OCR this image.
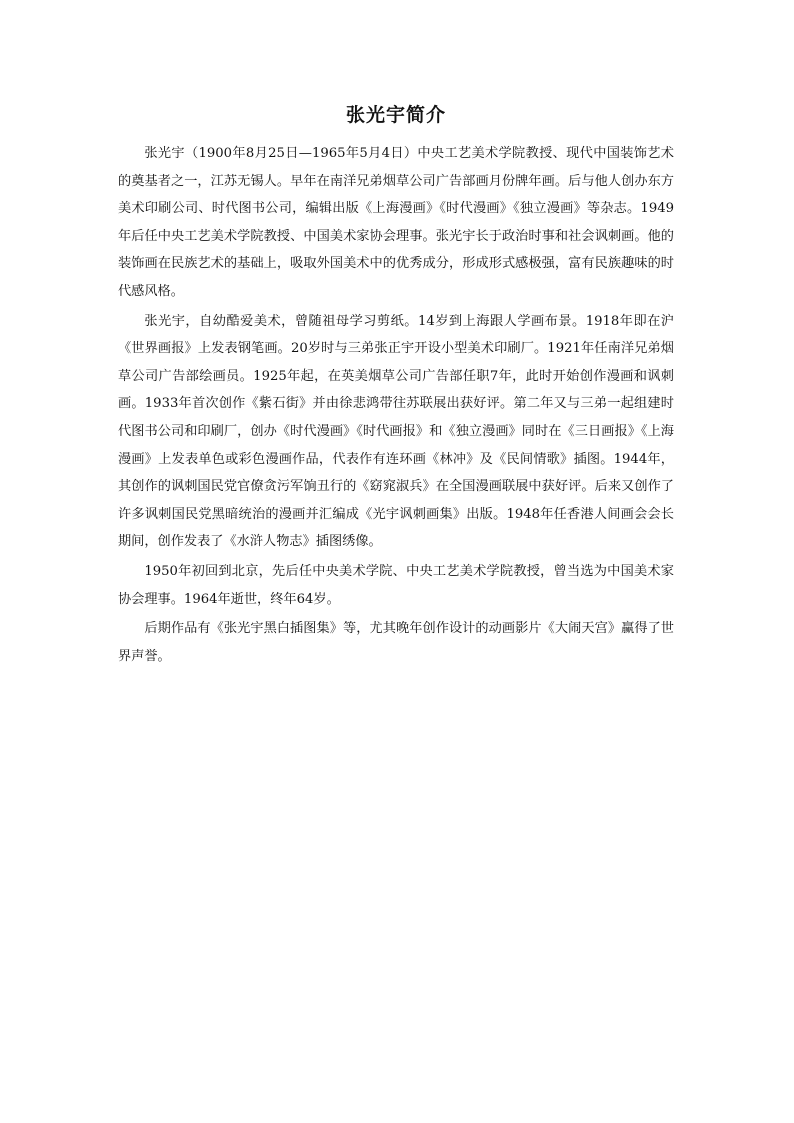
张光宇简介

张光宇（1900年8月25日—1965年5月4日）中央工艺美术学院教授、现代中国装饰艺术的奠基者之一，江苏无锡人。早年在南洋兄弟烟草公司广告部画月份牌年画。后与他人创办东方美术印刷公司、时代图书公司，编辑出版《上海漫画》《时代漫画》《独立漫画》等杂志。1949年后任中央工艺美术学院教授、中国美术家协会理事。张光宇长于政治时事和社会讽刺画。他的装饰画在民族艺术的基础上，吸取外国美术中的优秀成分，形成形式感极强，富有民族趣味的时代感风格。

张光宇，自幼酷爱美术，曾随祖母学习剪纸。14岁到上海跟人学画布景。1918年即在沪《世界画报》上发表钢笔画。20岁时与三弟张正宇开设小型美术印刷厂。1921年任南洋兄弟烟草公司广告部绘画员。1925年起，在英美烟草公司广告部任职7年，此时开始创作漫画和讽刺画。1933年首次创作《紫石街》并由徐悲鸿带往苏联展出获好评。第二年又与三弟一起组建时代图书公司和印刷厂，创办《时代漫画》《时代画报》和《独立漫画》同时在《三日画报》《上海漫画》上发表单色或彩色漫画作品，代表作有连环画《林冲》及《民间情歌》插图。1944年，其创作的讽刺国民党官僚贪污军饷丑行的《窈窕淑兵》在全国漫画联展中获好评。后来又创作了许多讽刺国民党黑暗统治的漫画并汇编成《光宇讽刺画集》出版。1948年任香港人间画会会长期间，创作发表了《水浒人物志》插图绣像。

1950年初回到北京，先后任中央美术学院、中央工艺美术学院教授，曾当选为中国美术家协会理事。1964年逝世，终年64岁。

后期作品有《张光宇黑白插图集》等，尤其晚年创作设计的动画影片《大闹天宫》赢得了世界声誉。
